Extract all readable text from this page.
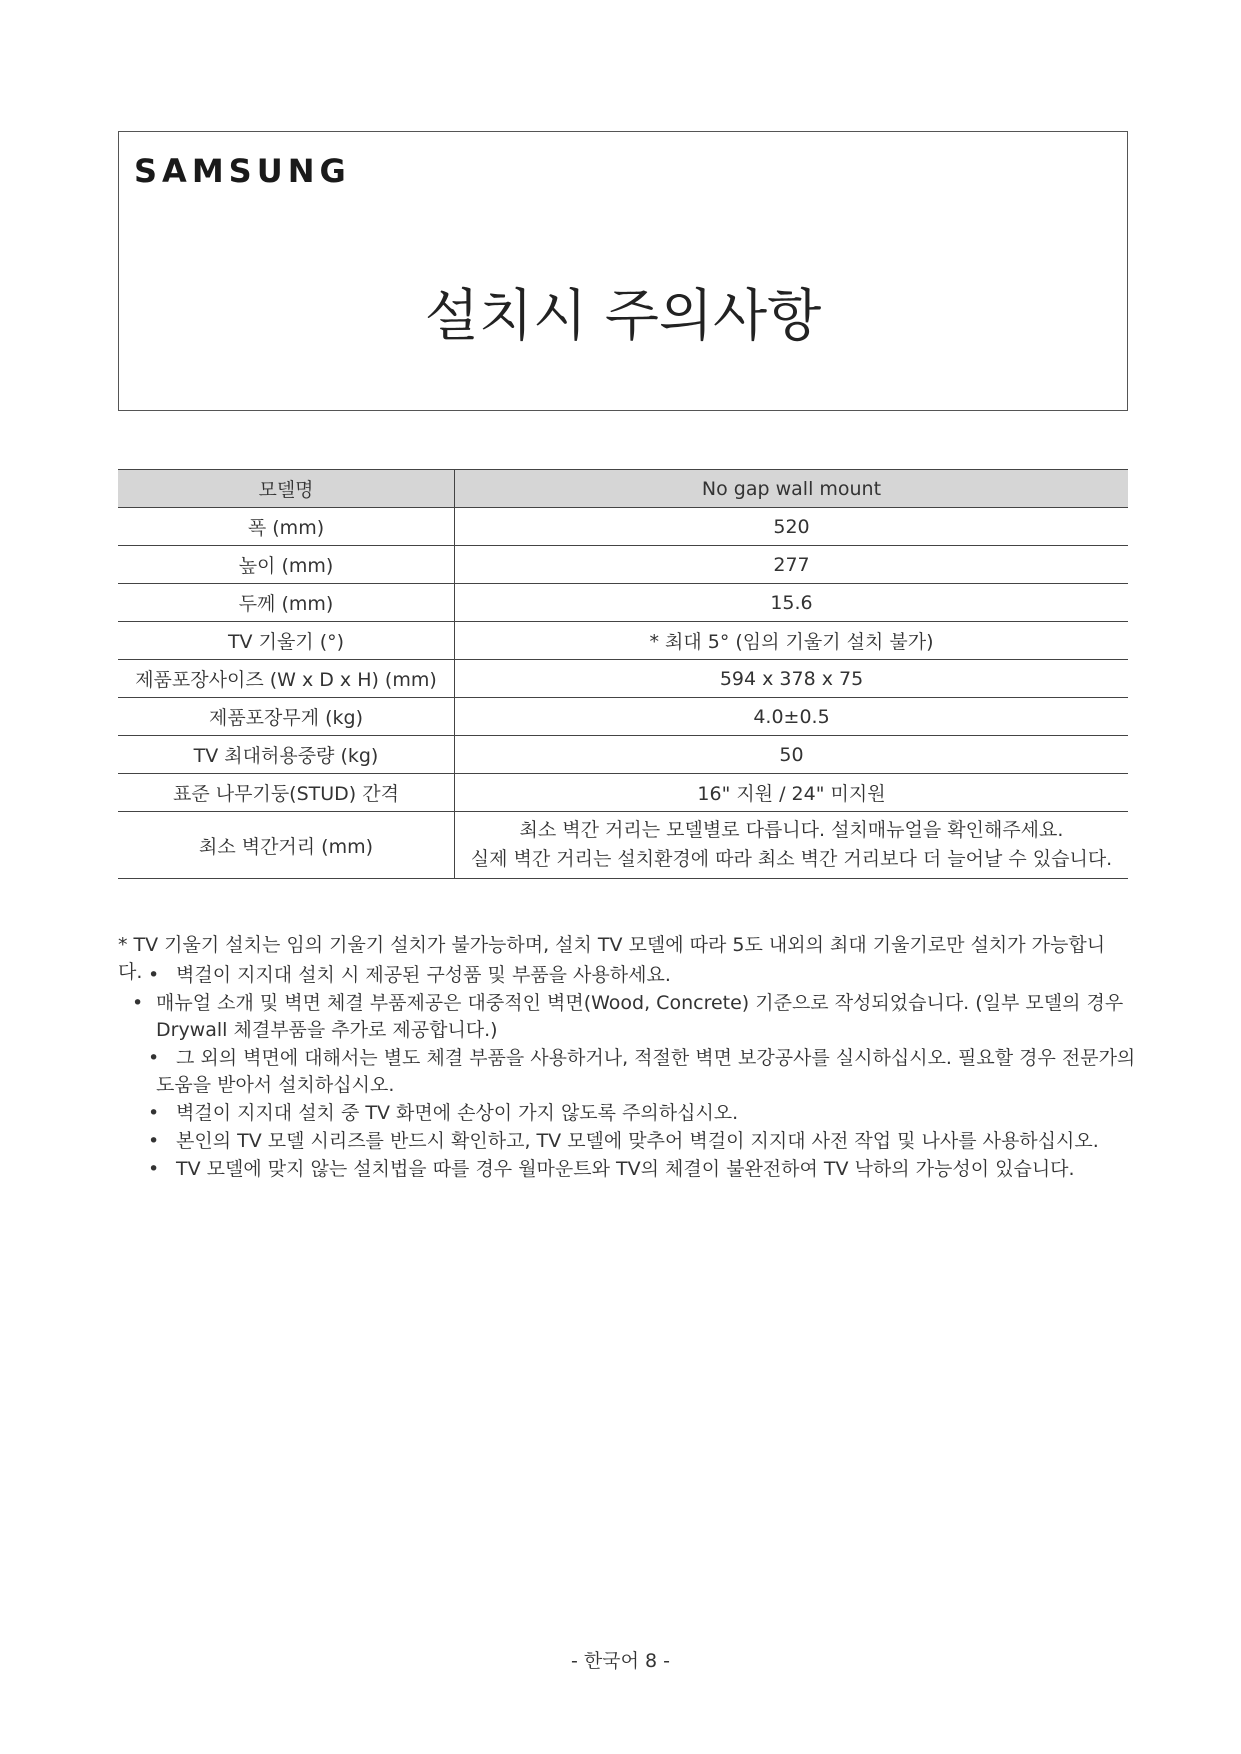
SAMSUNG
설치시 주의사항
모델명	No gap wall mount
폭 (mm)	520
높이 (mm)	277
두께 (mm)	15.6
TV 기울기 (°)	* 최대 5° (임의 기울기 설치 불가)
제품포장사이즈 (W x D x H) (mm)	594 x 378 x 75
제품포장무게 (kg)	4.0±0.5
TV 최대허용중량 (kg)	50
표준 나무기둥(STUD) 간격	16" 지원 / 24" 미지원
최소 벽간거리 (mm)	최소 벽간 거리는 모델별로 다릅니다. 설치매뉴얼을 확인해주세요.
실제 벽간 거리는 설치환경에 따라 최소 벽간 거리보다 더 늘어날 수 있습니다.
* TV 기울기 설치는 임의 기울기 설치가 불가능하며, 설치 TV 모델에 따라 5도 내외의 최대 기울기로만 설치가 가능합니다. • 벽걸이 지지대 설치 시 제공된 구성품 및 부품을 사용하세요.
• 매뉴얼 소개 및 벽면 체결 부품제공은 대중적인 벽면(Wood, Concrete) 기준으로 작성되었습니다. (일부 모델의 경우 Drywall 체결부품을 추가로 제공합니다.)
• 그 외의 벽면에 대해서는 별도 체결 부품을 사용하거나, 적절한 벽면 보강공사를 실시하십시오. 필요할 경우 전문가의 도움을 받아서 설치하십시오.
• 벽걸이 지지대 설치 중 TV 화면에 손상이 가지 않도록 주의하십시오.
• 본인의 TV 모델 시리즈를 반드시 확인하고, TV 모델에 맞추어 벽걸이 지지대 사전 작업 및 나사를 사용하십시오.
• TV 모델에 맞지 않는 설치법을 따를 경우 월마운트와 TV의 체결이 불완전하여 TV 낙하의 가능성이 있습니다.
- 한국어 8 -
